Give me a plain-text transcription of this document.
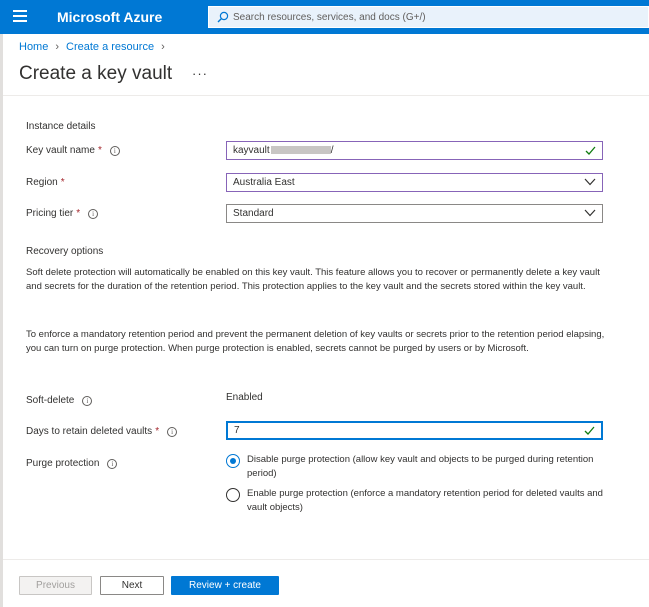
Microsoft Azure
Search resources, services, and docs (G+/)
Home › Create a resource ›
Create a key vault ···
Instance details
Key vault name *	i	kayvault	/
Region *	Australia East
Pricing tier *	i	Standard
Recovery options
Soft delete protection will automatically be enabled on this key vault. This feature allows you to recover or permanently delete a key vault and secrets for the duration of the retention period. This protection applies to the key vault and the secrets stored within the key vault.
To enforce a mandatory retention period and prevent the permanent deletion of key vaults or secrets prior to the retention period elapsing, you can turn on purge protection. When purge protection is enabled, secrets cannot be purged by users or by Microsoft.
Soft-delete	i	Enabled
Days to retain deleted vaults *	i	7
Purge protection	i	Disable purge protection (allow key vault and objects to be purged during retention period)
Enable purge protection (enforce a mandatory retention period for deleted vaults and vault objects)
Previous	Next	Review + create
